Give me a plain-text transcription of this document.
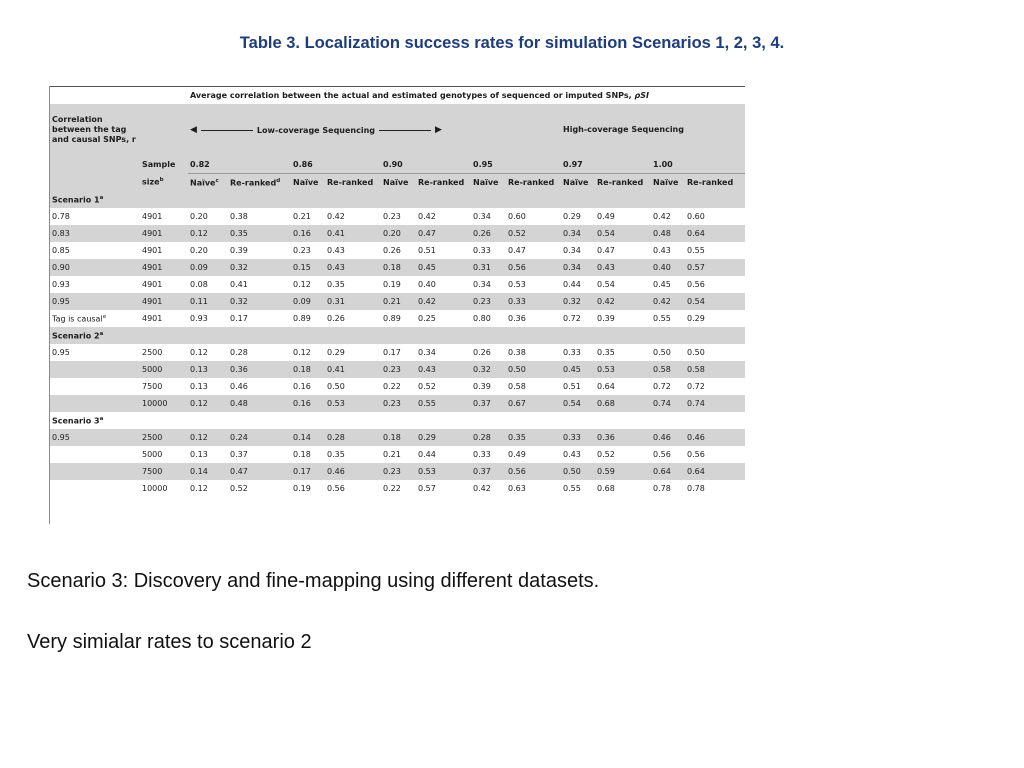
Table 3. Localization success rates for simulation Scenarios 1, 2, 3, 4.
		Average correlation between the actual and estimated genotypes of sequenced or imputed SNPs, ρSI											
Correlation between the tag and causal SNPs, r		◀ Low-coverage Sequencing ▶								High-coverage Sequencing			
	Sample	0.82		0.86		0.90		0.95		0.97		1.00	
	size$^b$	Naïve$^c$	Re-ranked$^d$	Naïve	Re-ranked	Naïve	Re-ranked	Naïve	Re-ranked	Naïve	Re-ranked	Naïve	Re-ranked
Scenario 1$^a$
0.78	4901	0.20	0.38	0.21	0.42	0.23	0.42	0.34	0.60	0.29	0.49	0.42	0.60
0.83	4901	0.12	0.35	0.16	0.41	0.20	0.47	0.26	0.52	0.34	0.54	0.48	0.64
0.85	4901	0.20	0.39	0.23	0.43	0.26	0.51	0.33	0.47	0.34	0.47	0.43	0.55
0.90	4901	0.09	0.32	0.15	0.43	0.18	0.45	0.31	0.56	0.34	0.43	0.40	0.57
0.93	4901	0.08	0.41	0.12	0.35	0.19	0.40	0.34	0.53	0.44	0.54	0.45	0.56
0.95	4901	0.11	0.32	0.09	0.31	0.21	0.42	0.23	0.33	0.32	0.42	0.42	0.54
Tag is causal$^e$	4901	0.93	0.17	0.89	0.26	0.89	0.25	0.80	0.36	0.72	0.39	0.55	0.29
Scenario 2$^a$
0.95	2500	0.12	0.28	0.12	0.29	0.17	0.34	0.26	0.38	0.33	0.35	0.50	0.50
	5000	0.13	0.36	0.18	0.41	0.23	0.43	0.32	0.50	0.45	0.53	0.58	0.58
	7500	0.13	0.46	0.16	0.50	0.22	0.52	0.39	0.58	0.51	0.64	0.72	0.72
	10000	0.12	0.48	0.16	0.53	0.23	0.55	0.37	0.67	0.54	0.68	0.74	0.74
Scenario 3$^a$
0.95	2500	0.12	0.24	0.14	0.28	0.18	0.29	0.28	0.35	0.33	0.36	0.46	0.46
	5000	0.13	0.37	0.18	0.35	0.21	0.44	0.33	0.49	0.43	0.52	0.56	0.56
	7500	0.14	0.47	0.17	0.46	0.23	0.53	0.37	0.56	0.50	0.59	0.64	0.64
	10000	0.12	0.52	0.19	0.56	0.22	0.57	0.42	0.63	0.55	0.68	0.78	0.78
Scenario 3: Discovery and fine-mapping using different datasets.
Very simialar rates to scenario 2
